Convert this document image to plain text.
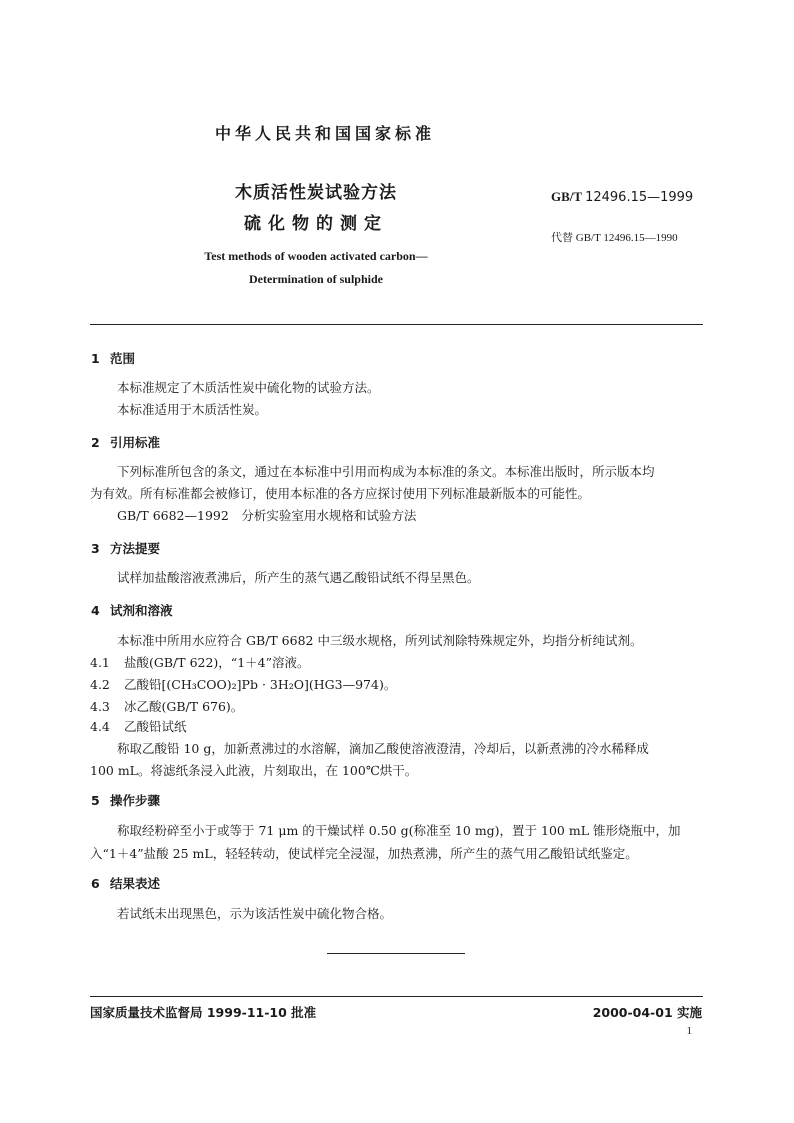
中华人民共和国国家标准
木质活性炭试验方法
硫化物的测定
GB/T 12496.15—1999
代替 GB/T 12496.15—1990
Test methods of wooden activated carbon—
Determination of sulphide
1 范围
本标准规定了木质活性炭中硫化物的试验方法。
本标准适用于木质活性炭。
2 引用标准
下列标准所包含的条文，通过在本标准中引用而构成为本标准的条文。本标准出版时，所示版本均
为有效。所有标准都会被修订，使用本标准的各方应探讨使用下列标准最新版本的可能性。
GB/T 6682—1992　分析实验室用水规格和试验方法
3 方法提要
试样加盐酸溶液煮沸后，所产生的蒸气遇乙酸铅试纸不得呈黑色。
4 试剂和溶液
本标准中所用水应符合 GB/T 6682 中三级水规格，所列试剂除特殊规定外，均指分析纯试剂。
4.1 盐酸(GB/T 622)，“1＋4”溶液。
4.2 乙酸铅[(CH₃COO)₂]Pb · 3H₂O](HG3—974)。
4.3 冰乙酸(GB/T 676)。
4.4 乙酸铅试纸
称取乙酸铅 10 g，加新煮沸过的水溶解，滴加乙酸使溶液澄清，冷却后，以新煮沸的冷水稀释成
100 mL。将滤纸条浸入此液，片刻取出，在 100℃烘干。
5 操作步骤
称取经粉碎至小于或等于 71 μm 的干燥试样 0.50 g(称准至 10 mg)，置于 100 mL 锥形烧瓶中，加
入“1＋4”盐酸 25 mL，轻轻转动，使试样完全浸湿，加热煮沸，所产生的蒸气用乙酸铅试纸鉴定。
6 结果表述
若试纸未出现黑色，示为该活性炭中硫化物合格。
国家质量技术监督局 1999-11-10 批准	2000-04-01 实施
1
